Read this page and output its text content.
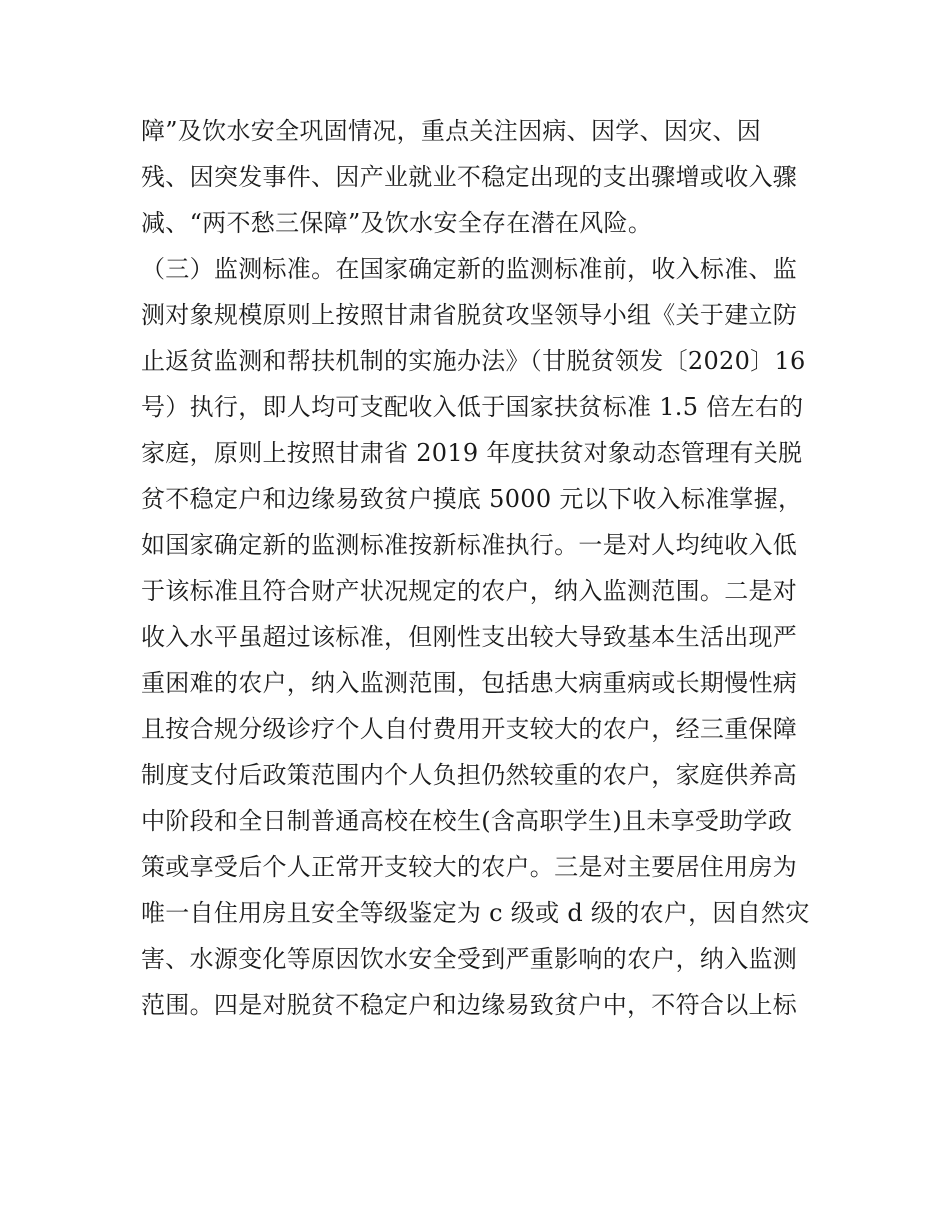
障”及饮水安全巩固情况，重点关注因病、因学、因灾、因
残、因突发事件、因产业就业不稳定出现的支出骤增或收入骤
减、“两不愁三保障”及饮水安全存在潜在风险。
（三）监测标准。在国家确定新的监测标准前，收入标准、监
测对象规模原则上按照甘肃省脱贫攻坚领导小组《关于建立防
止返贫监测和帮扶机制的实施办法》（甘脱贫领发〔2020〕16
号）执行，即人均可支配收入低于国家扶贫标准 1.5 倍左右的
家庭，原则上按照甘肃省 2019 年度扶贫对象动态管理有关脱
贫不稳定户和边缘易致贫户摸底 5000 元以下收入标准掌握，
如国家确定新的监测标准按新标准执行。一是对人均纯收入低
于该标准且符合财产状况规定的农户，纳入监测范围。二是对
收入水平虽超过该标准，但刚性支出较大导致基本生活出现严
重困难的农户，纳入监测范围，包括患大病重病或长期慢性病
且按合规分级诊疗个人自付费用开支较大的农户，经三重保障
制度支付后政策范围内个人负担仍然较重的农户，家庭供养高
中阶段和全日制普通高校在校生(含高职学生)且未享受助学政
策或享受后个人正常开支较大的农户。三是对主要居住用房为
唯一自住用房且安全等级鉴定为 c 级或 d 级的农户，因自然灾
害、水源变化等原因饮水安全受到严重影响的农户，纳入监测
范围。四是对脱贫不稳定户和边缘易致贫户中，不符合以上标
